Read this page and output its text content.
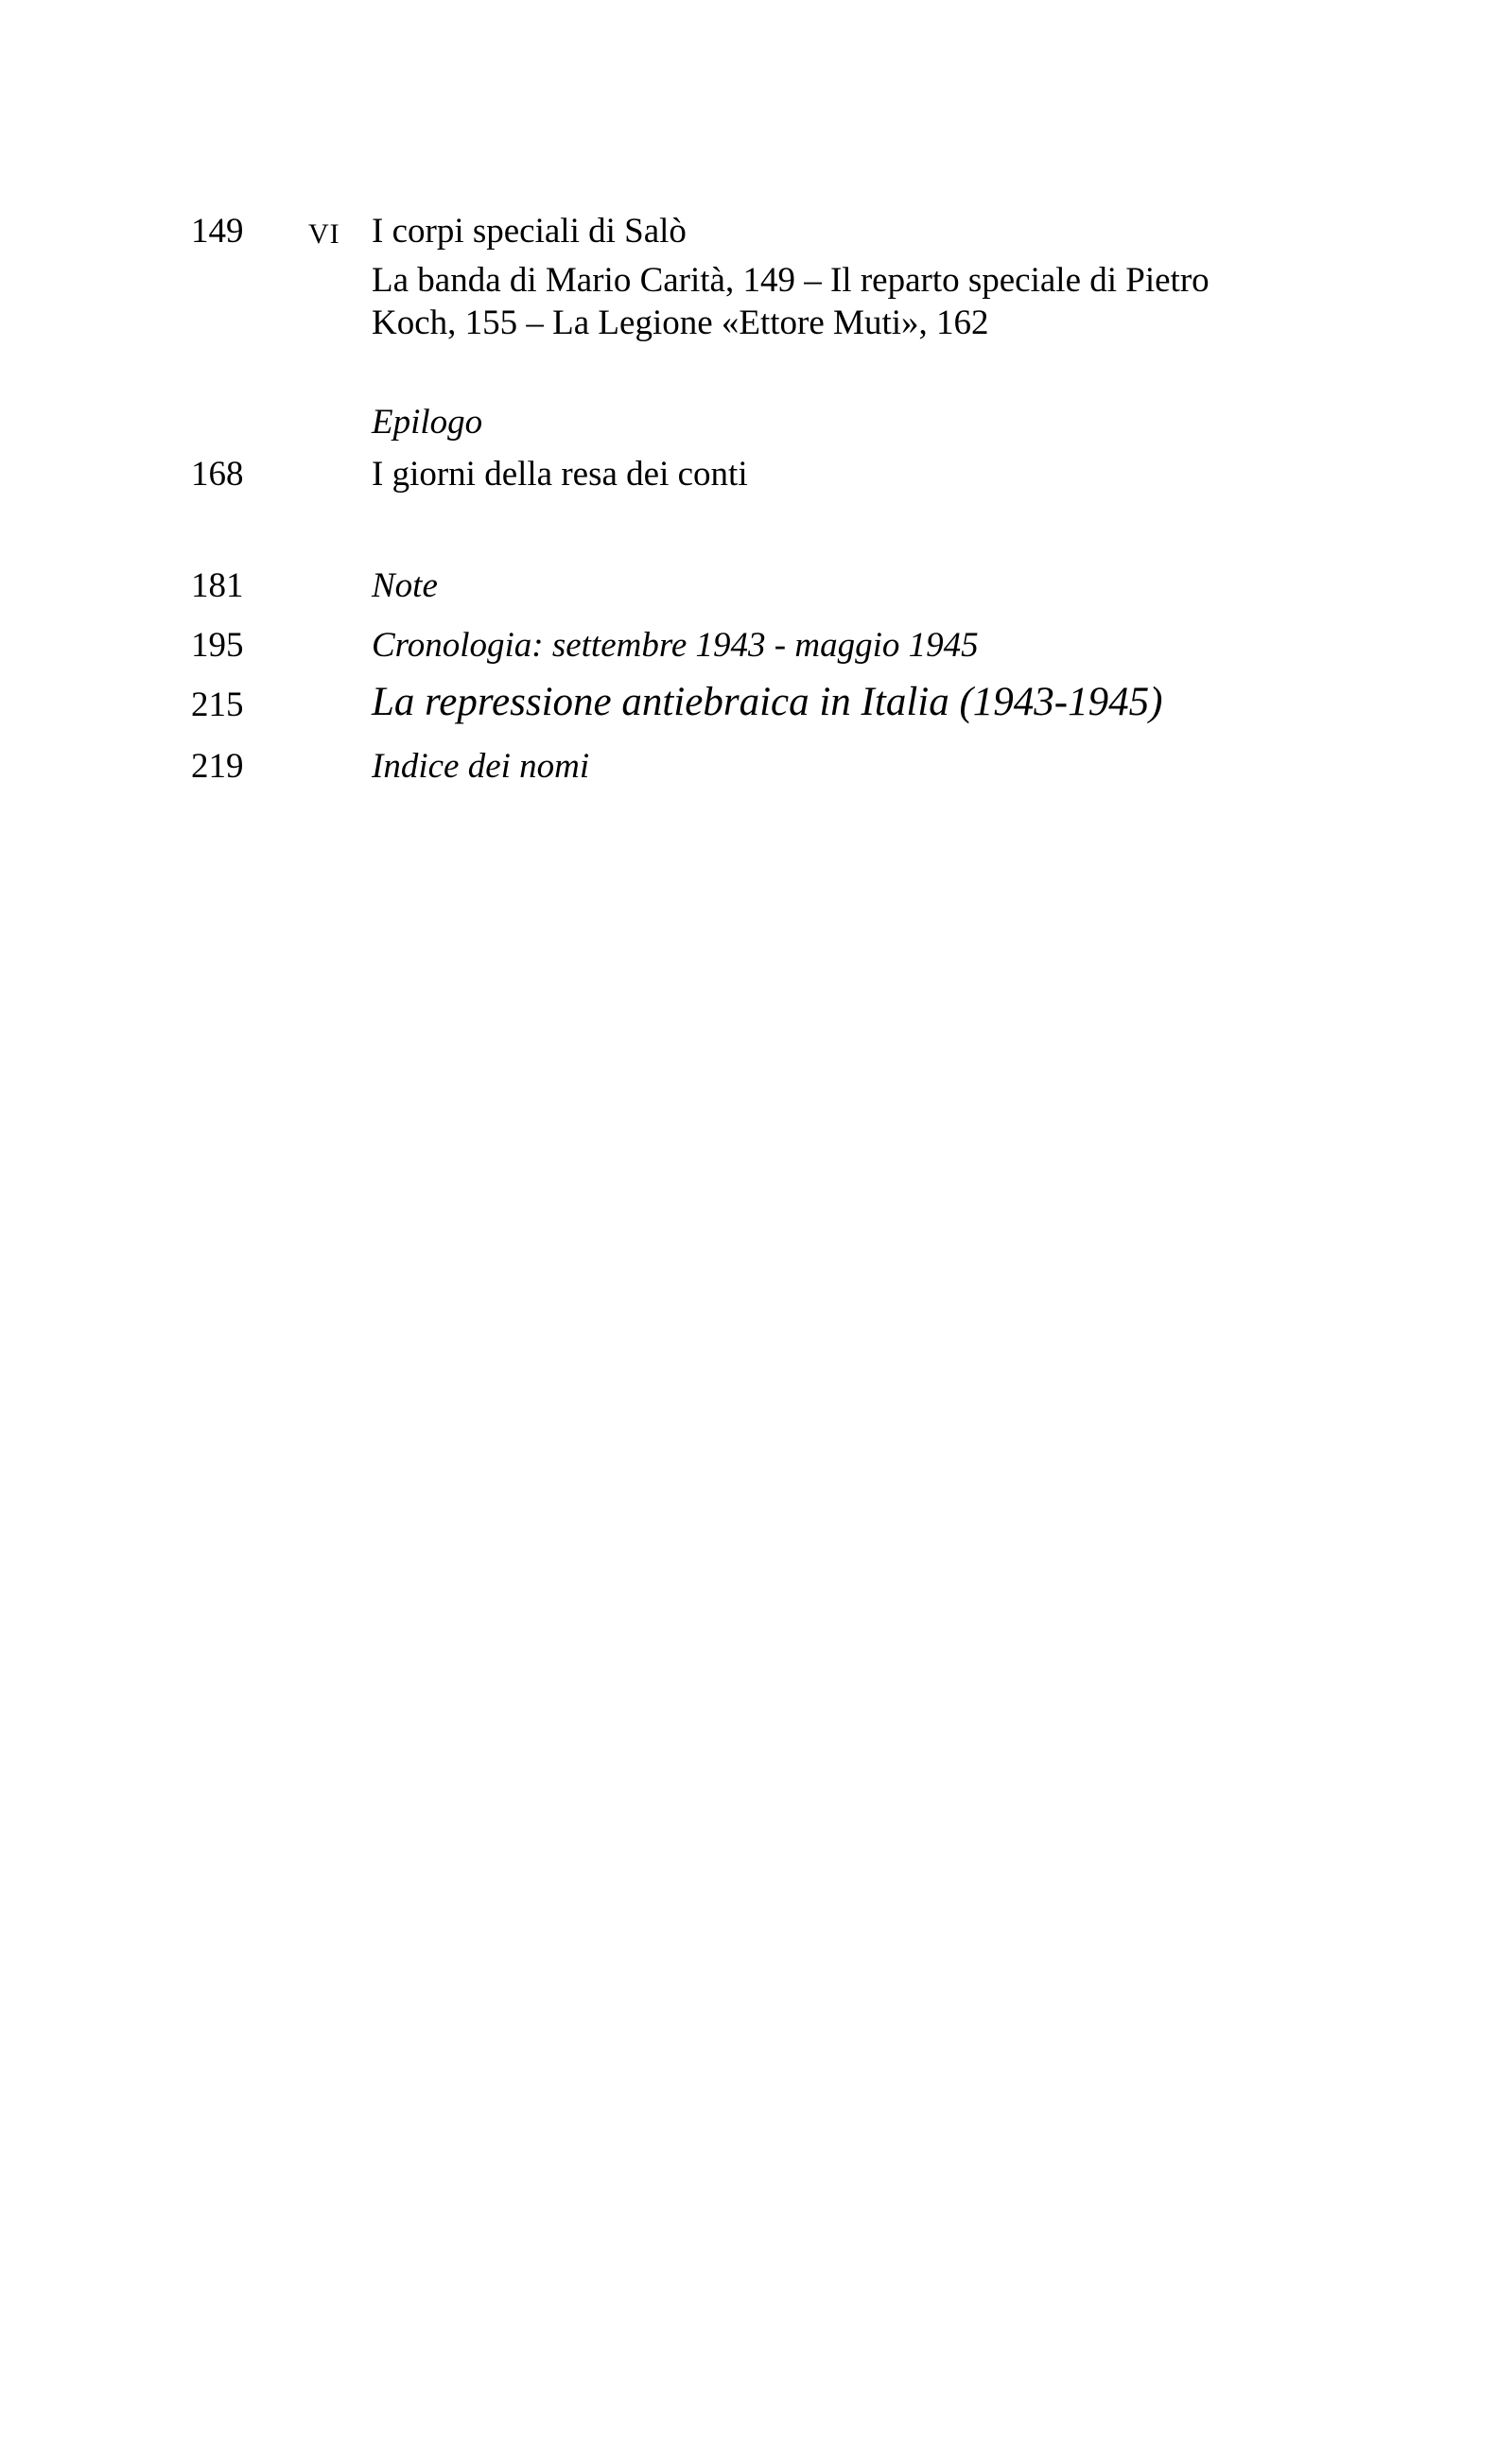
149 VI I corpi speciali di Salò
La banda di Mario Carità, 149 – Il reparto speciale di Pietro
Koch, 155 – La Legione «Ettore Muti», 162
Epilogo
168	I giorni della resa dei conti
181	Note
195	Cronologia: settembre 1943 - maggio 1945
215	La repressione antiebraica in Italia (1943-1945)
219	Indice dei nomi
